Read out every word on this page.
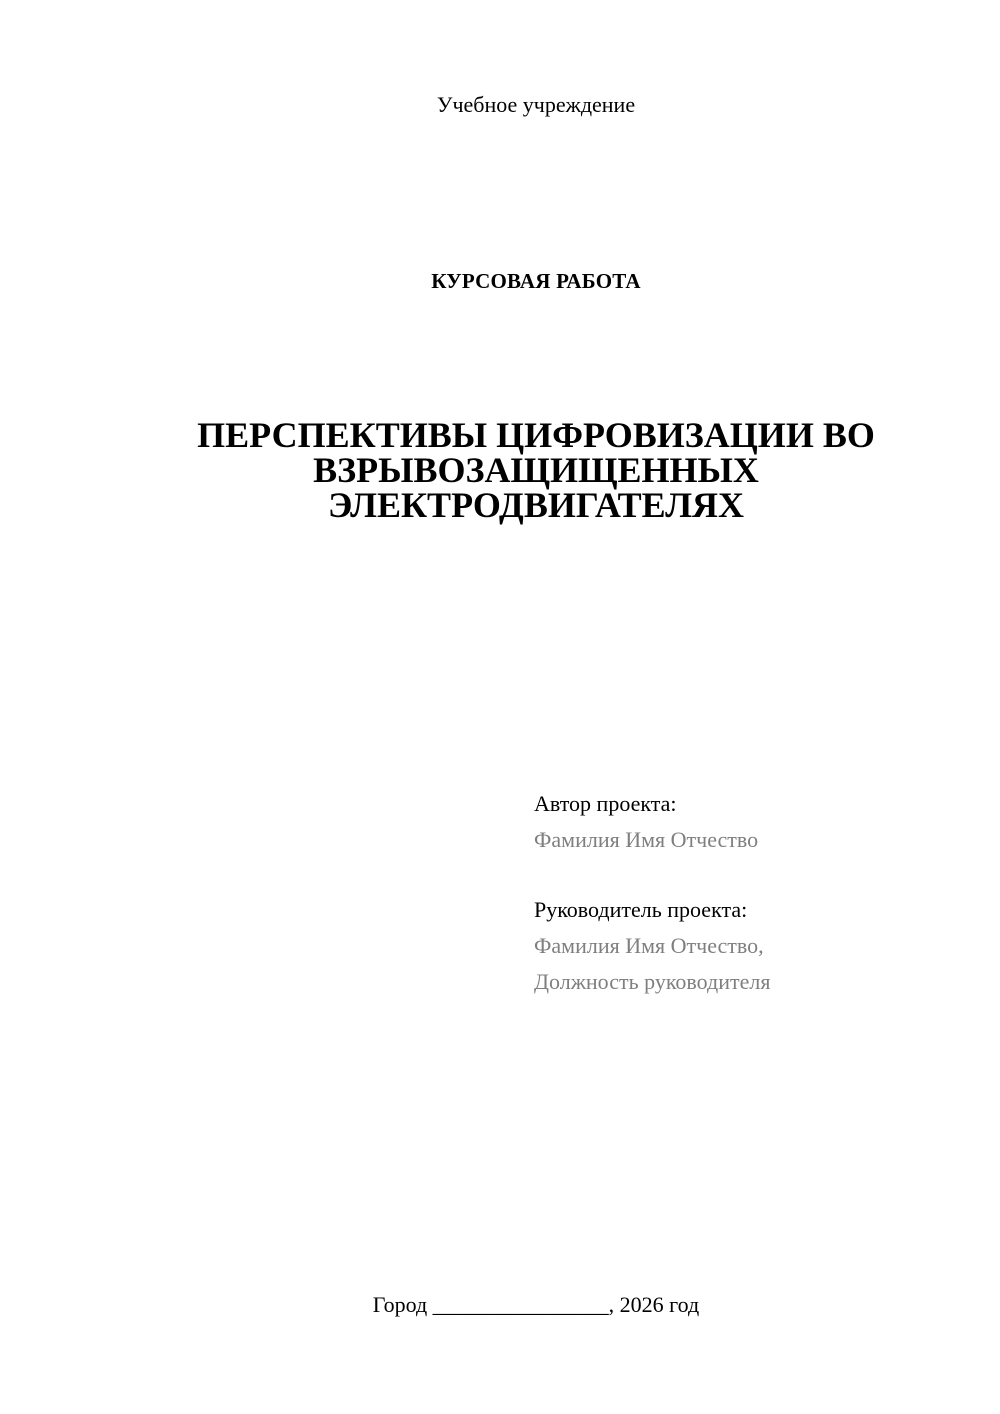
Учебное учреждение
КУРСОВАЯ РАБОТА
ПЕРСПЕКТИВЫ ЦИФРОВИЗАЦИИ ВО
ВЗРЫВОЗАЩИЩЕННЫХ
ЭЛЕКТРОДВИГАТЕЛЯХ
Автор проекта:
Фамилия Имя Отчество
Руководитель проекта:
Фамилия Имя Отчество,
Должность руководителя
Город ________________, 2026 год
